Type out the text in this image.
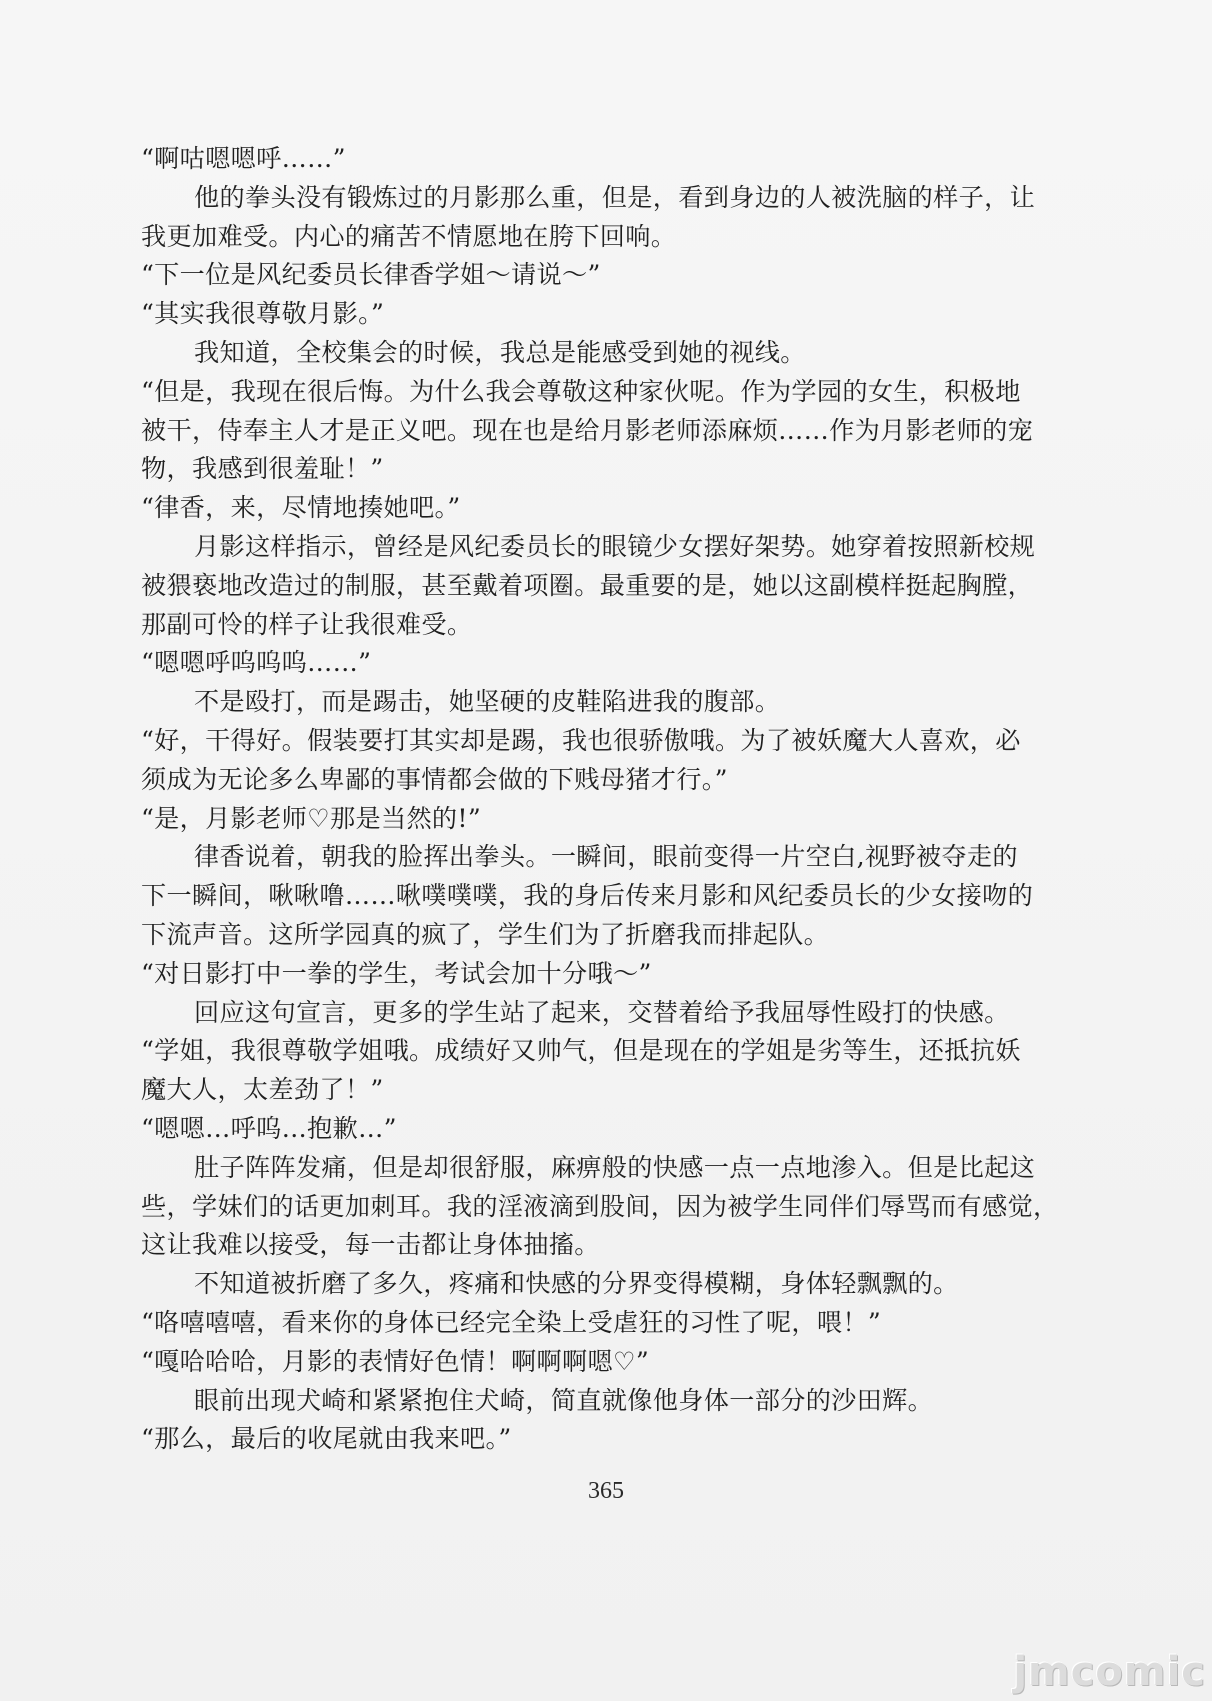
“啊咕嗯嗯呼……”
他的拳头没有锻炼过的月影那么重，但是，看到身边的人被洗脑的样子，让
我更加难受。内心的痛苦不情愿地在胯下回响。
“下一位是风纪委员长律香学姐～请说～”
“其实我很尊敬月影。”
我知道，全校集会的时候，我总是能感受到她的视线。
“但是，我现在很后悔。为什么我会尊敬这种家伙呢。作为学园的女生，积极地
被干，侍奉主人才是正义吧。现在也是给月影老师添麻烦……作为月影老师的宠
物，我感到很羞耻！”
“律香，来，尽情地揍她吧。”
月影这样指示，曾经是风纪委员长的眼镜少女摆好架势。她穿着按照新校规
被猥亵地改造过的制服，甚至戴着项圈。最重要的是，她以这副模样挺起胸膛，
那副可怜的样子让我很难受。
“嗯嗯呼呜呜呜……”
不是殴打，而是踢击，她坚硬的皮鞋陷进我的腹部。
“好，干得好。假装要打其实却是踢，我也很骄傲哦。为了被妖魔大人喜欢，必
须成为无论多么卑鄙的事情都会做的下贱母猪才行。”
“是，月影老师♡那是当然的!”
律香说着，朝我的脸挥出拳头。一瞬间，眼前变得一片空白,视野被夺走的
下一瞬间，啾啾噜……啾噗噗噗，我的身后传来月影和风纪委员长的少女接吻的
下流声音。这所学园真的疯了，学生们为了折磨我而排起队。
“对日影打中一拳的学生，考试会加十分哦～”
回应这句宣言，更多的学生站了起来，交替着给予我屈辱性殴打的快感。
“学姐，我很尊敬学姐哦。成绩好又帅气，但是现在的学姐是劣等生，还抵抗妖
魔大人，太差劲了！”
“嗯嗯…呼呜…抱歉…”
肚子阵阵发痛，但是却很舒服，麻痹般的快感一点一点地渗入。但是比起这
些，学妹们的话更加刺耳。我的淫液滴到股间，因为被学生同伴们辱骂而有感觉，
这让我难以接受，每一击都让身体抽搐。
不知道被折磨了多久，疼痛和快感的分界变得模糊，身体轻飘飘的。
“咯嘻嘻嘻，看来你的身体已经完全染上受虐狂的习性了呢，喂！”
“嘎哈哈哈，月影的表情好色情！啊啊啊嗯♡”
眼前出现犬崎和紧紧抱住犬崎，简直就像他身体一部分的沙田辉。
“那么，最后的收尾就由我来吧。”
365
jmcomic
